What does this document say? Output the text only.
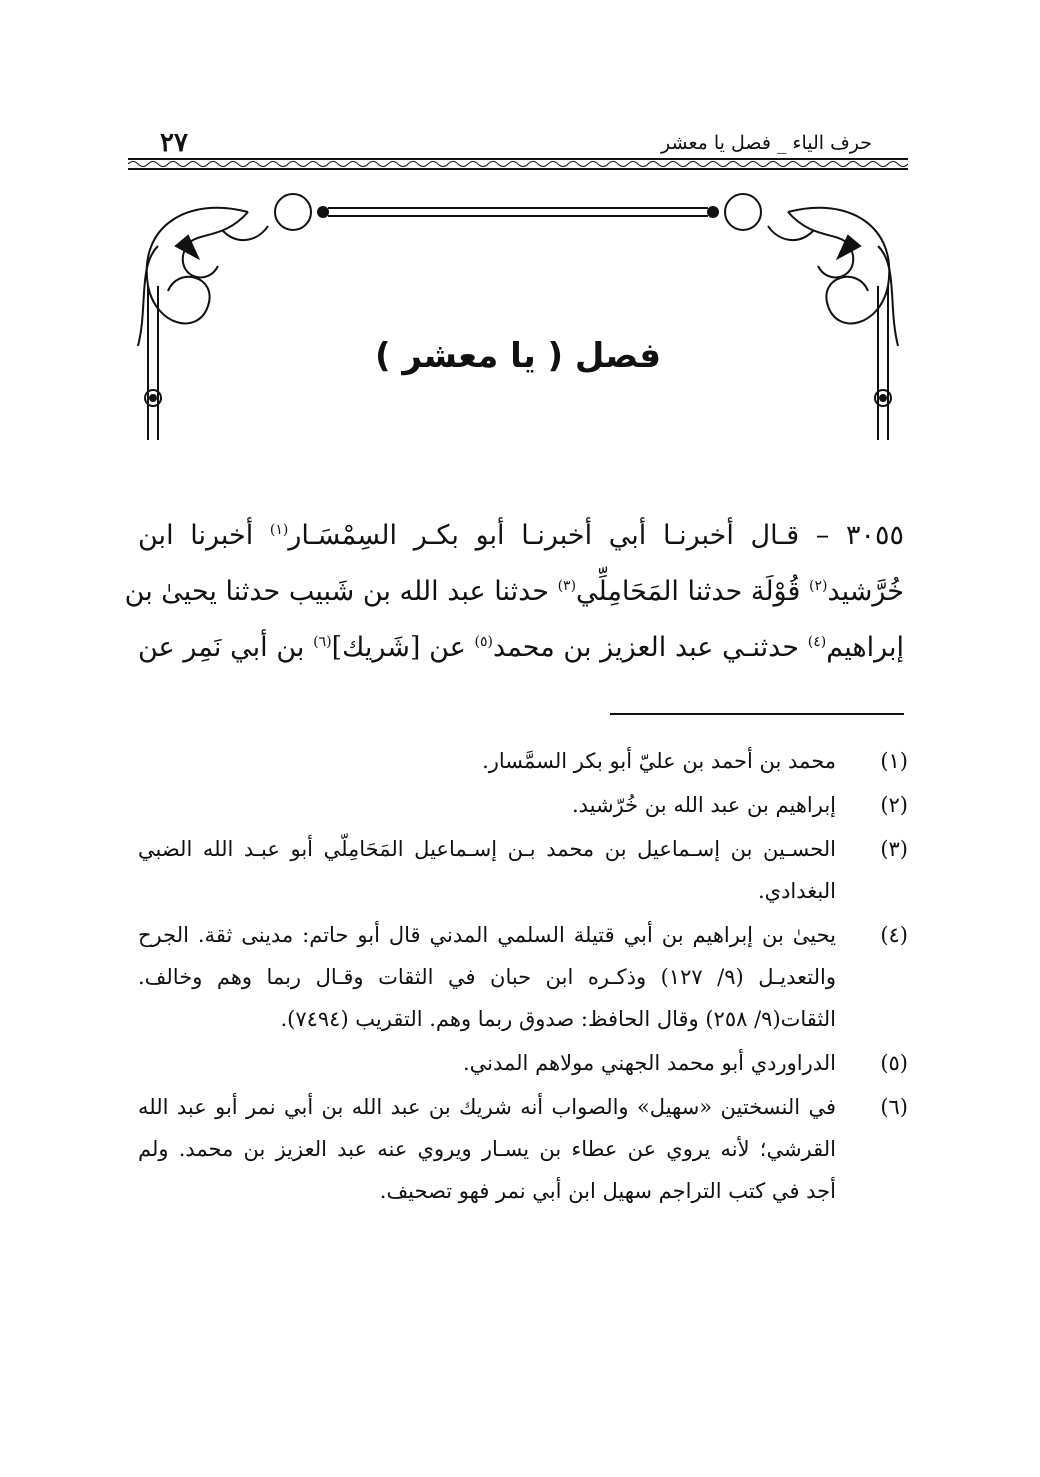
حرف الياء _ فصل يا معشر
٢٧
فصل ( يا معشر )
٣٠٥٥ – قـال أخبرنـا أبي أخبرنـا أبو بكـر السِمْسَـار$^{(١)}$ أخبرنا ابن
خُرَّشيد$^{(٢)}$ قُوْلَة حدثنا المَحَامِلِّي$^{(٣)}$ حدثنا عبد الله بن شَبيب حدثنا يحيىٰ بن
إبراهيم$^{(٤)}$ حدثنـي عبد العزيز بن محمد$^{(٥)}$ عن [شَريك]$^{(٦)}$ بن أبي نَمِر عن
(١)
محمد بن أحمد بن عليّ أبو بكر السمَّسار.
(٢)
إبراهيم بن عبد الله بن خُرّشيد.
(٣)
الحسـين بن إسـماعيل بن محمد بـن إسـماعيل المَحَامِلّي أبو عبـد الله الضبي
البغدادي.
(٤)
يحيىٰ بن إبراهيم بن أبي قتيلة السلمي المدني قال أبو حاتم: مدينى ثقة. الجرح
والتعديـل (٩/ ١٢٧) وذكـره ابن حبان في الثقات وقـال ربما وهم وخالف.
الثقات(٩/ ٢٥٨) وقال الحافظ: صدوق ربما وهم. التقريب (٧٤٩٤).
(٥)
الدراوردي أبو محمد الجهني مولاهم المدني.
(٦)
في النسختين «سهيل» والصواب أنه شريك بن عبد الله بن أبي نمر أبو عبد الله
القرشي؛ لأنه يروي عن عطاء بن يسـار ويروي عنه عبد العزيز بن محمد. ولم
أجد في كتب التراجم سهيل ابن أبي نمر فهو تصحيف.
